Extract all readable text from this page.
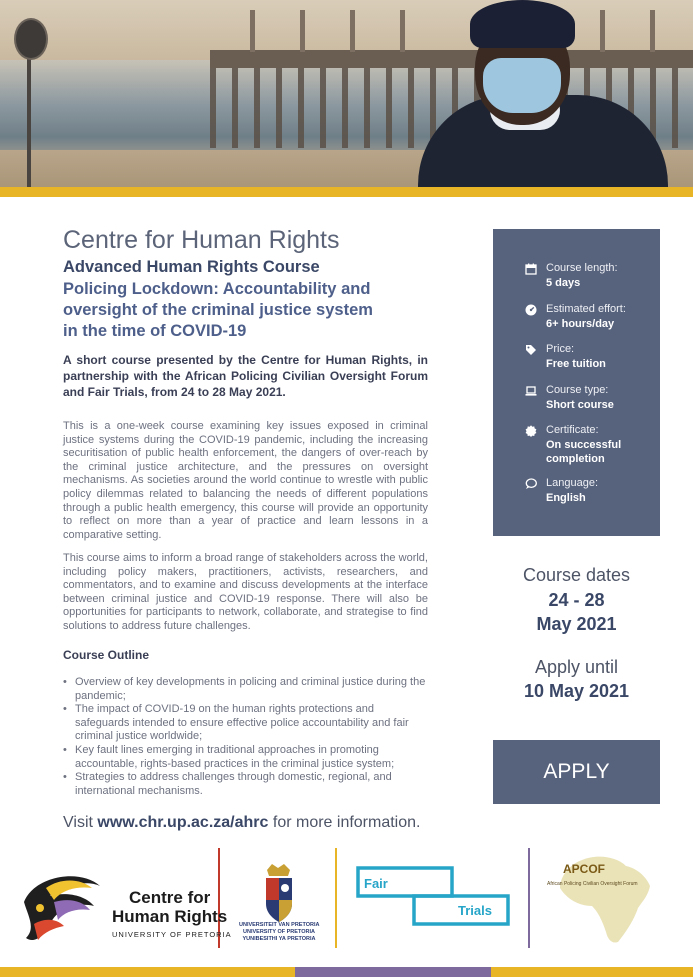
Centre for Human Rights
Advanced Human Rights Course
Policing Lockdown: Accountability and
oversight of the criminal justice system
in the time of COVID-19

A short course presented by the Centre for Human Rights, in partnership with the African Policing Civilian Oversight Forum and Fair Trials, from 24 to 28 May 2021.

This is a one-week course examining key issues exposed in criminal justice systems during the COVID-19 pandemic, including the increasing securitisation of public health enforcement, the dangers of over-reach by the criminal justice architecture, and the pressures on oversight mechanisms. As societies around the world continue to wrestle with public policy dilemmas related to balancing the needs of different populations through a public health emergency, this course will provide an opportunity to reflect on more than a year of practice and learn lessons in a comparative setting.

This course aims to inform a broad range of stakeholders across the world, including policy makers, practitioners, activists, researchers, and commentators, and to examine and discuss developments at the interface between criminal justice and COVID-19 response. There will also be opportunities for participants to network, collaborate, and strategise to find solutions to address future challenges.

Course Outline
• Overview of key developments in policing and criminal justice during the pandemic;
• The impact of COVID-19 on the human rights protections and safeguards intended to ensure effective police accountability and fair criminal justice worldwide;
• Key fault lines emerging in traditional approaches in promoting accountable, rights-based practices in the criminal justice system;
• Strategies to address challenges through domestic, regional, and international mechanisms.

Visit www.chr.up.ac.za/ahrc for more information.

Course length:
5 days
Estimated effort:
6+ hours/day
Price:
Free tuition
Course type:
Short course
Certificate:
On successful completion
Language:
English
Course dates
24 - 28
May 2021
Apply until
10 May 2021
APPLY
Centre for
Human Rights
UNIVERSITY OF PRETORIA
UNIVERSITEIT VAN PRETORIA
UNIVERSITY OF PRETORIA
YUNIBESITHI YA PRETORIA
Fair
Trials
APCOF
African Policing Civilian Oversight Forum
